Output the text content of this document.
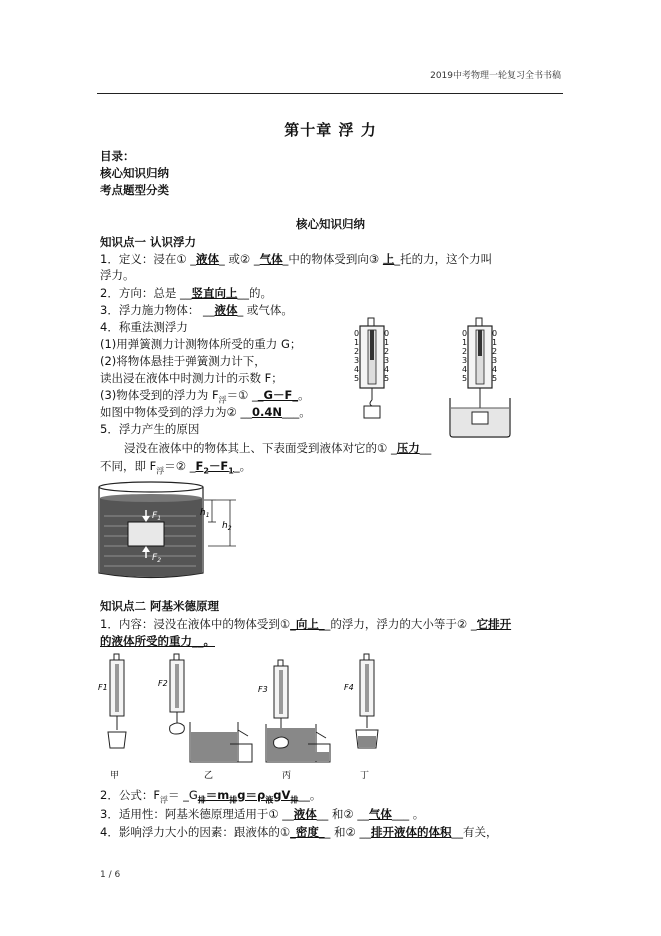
2019中考物理一轮复习全书书稿
第十章 浮 力
目录：
核心知识归纳
考点题型分类
核心知识归纳
知识点一 认识浮力
1．定义：浸在① _液体_ 或② _气体_中的物体受到向③ 上_托的力，这个力叫
浮力。
2．方向：总是 __竖直向上__的。
3．浮力施力物体： __液体_ 或气体。
4．称重法测浮力
(1)用弹簧测力计测物体所受的重力 G；
(2)将物体悬挂于弹簧测力计下，
读出浸在液体中时测力计的示数 F；
(3)物体受到的浮力为 $F_浮=①$ __G－F_。
如图中物体受到的浮力为② __0.4N___。
5．浮力产生的原因
浸没在液体中的物体其上、下表面受到液体对它的① _压力__
不同，即 $F_浮=②$ $\_F_2-F_1\_$。
0
1
2
3
4
5
0
1
2
3
4
5
0
1
2
3
4
5
0
1
2
3
4
5
$F_1$
$F_2$
$h_1$
$h_2$
知识点二 阿基米德原理
1．内容：浸没在液体中的物体受到①_向上__的浮力，浮力的大小等于② _它排开
的液体所受的重力__。
F1
甲
F2
乙
F3
丙
F4
丁
2．公式：$F_浮=$ $\_G_排=m_排g=\rho_液gV_排\_\_$。
3．适用性：阿基米德原理适用于① __液体__ 和② __气体___ 。
4．影响浮力大小的因素：跟液体的①_密度__ 和② __排开液体的体积__有关，
1 / 6
